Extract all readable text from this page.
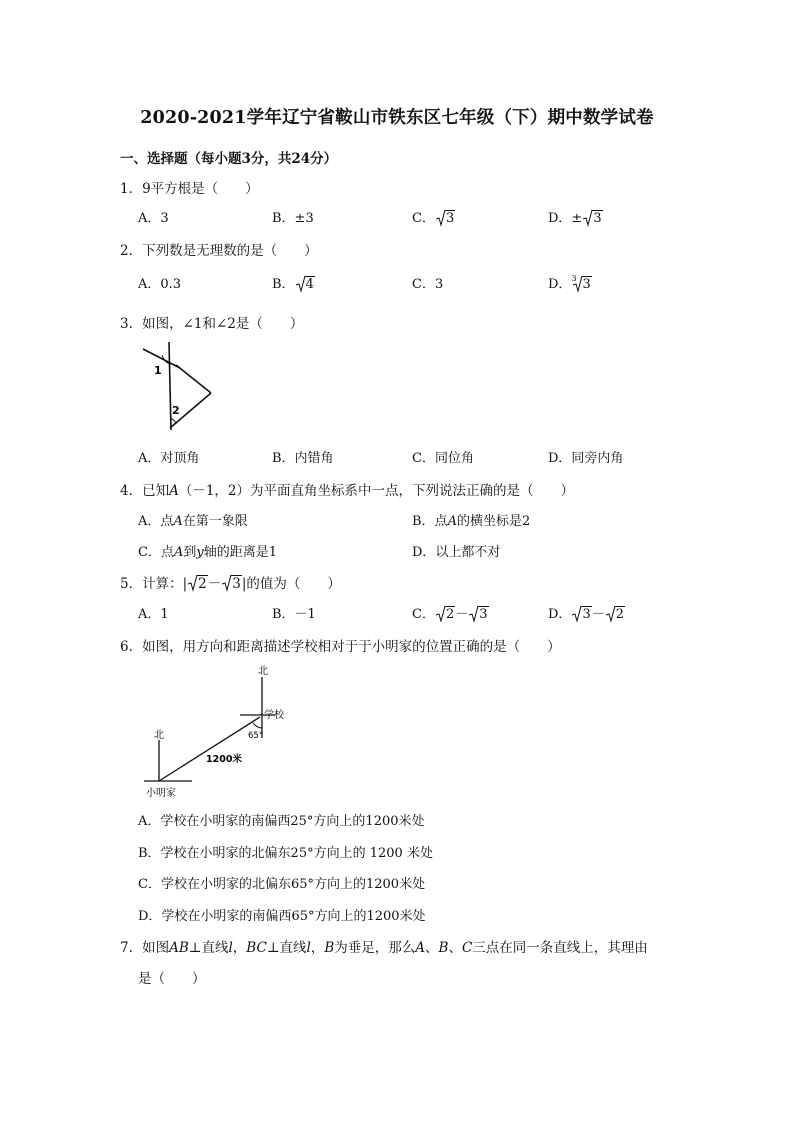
2020-2021学年辽宁省鞍山市铁东区七年级（下）期中数学试卷
一、选择题（每小题3分，共24分）
1．9平方根是（　　）
A．3	B．±3	C． 3	D．± 3
2．下列数是无理数的是（　　）
A．0.3	B． 4	C．3	D．$^3$ 3
3．如图，∠1和∠2是（　　）
1
2
A．对顶角	B．内错角	C．同位角	D．同旁内角
4．已知A（－1，2）为平面直角坐标系中一点，下列说法正确的是（　　）
A．点A在第一象限	B．点A的横坐标是2
C．点A到y轴的距离是1	D．以上都不对
5．计算：| 2－ 3|的值为（　　）
A．1	B．－1	C． 2－ 3	D． 3－ 2
6．如图，用方向和距离描述学校相对于于小明家的位置正确的是（　　）
北
北
学校
65°
1200米
小明家
A．学校在小明家的南偏西25°方向上的1200米处
B．学校在小明家的北偏东25°方向上的 1200 米处
C．学校在小明家的北偏东65°方向上的1200米处
D．学校在小明家的南偏西65°方向上的1200米处
7．如图AB⊥直线l，BC⊥直线l，B为垂足，那么A、B、C三点在同一条直线上，其理由
是（　　）
